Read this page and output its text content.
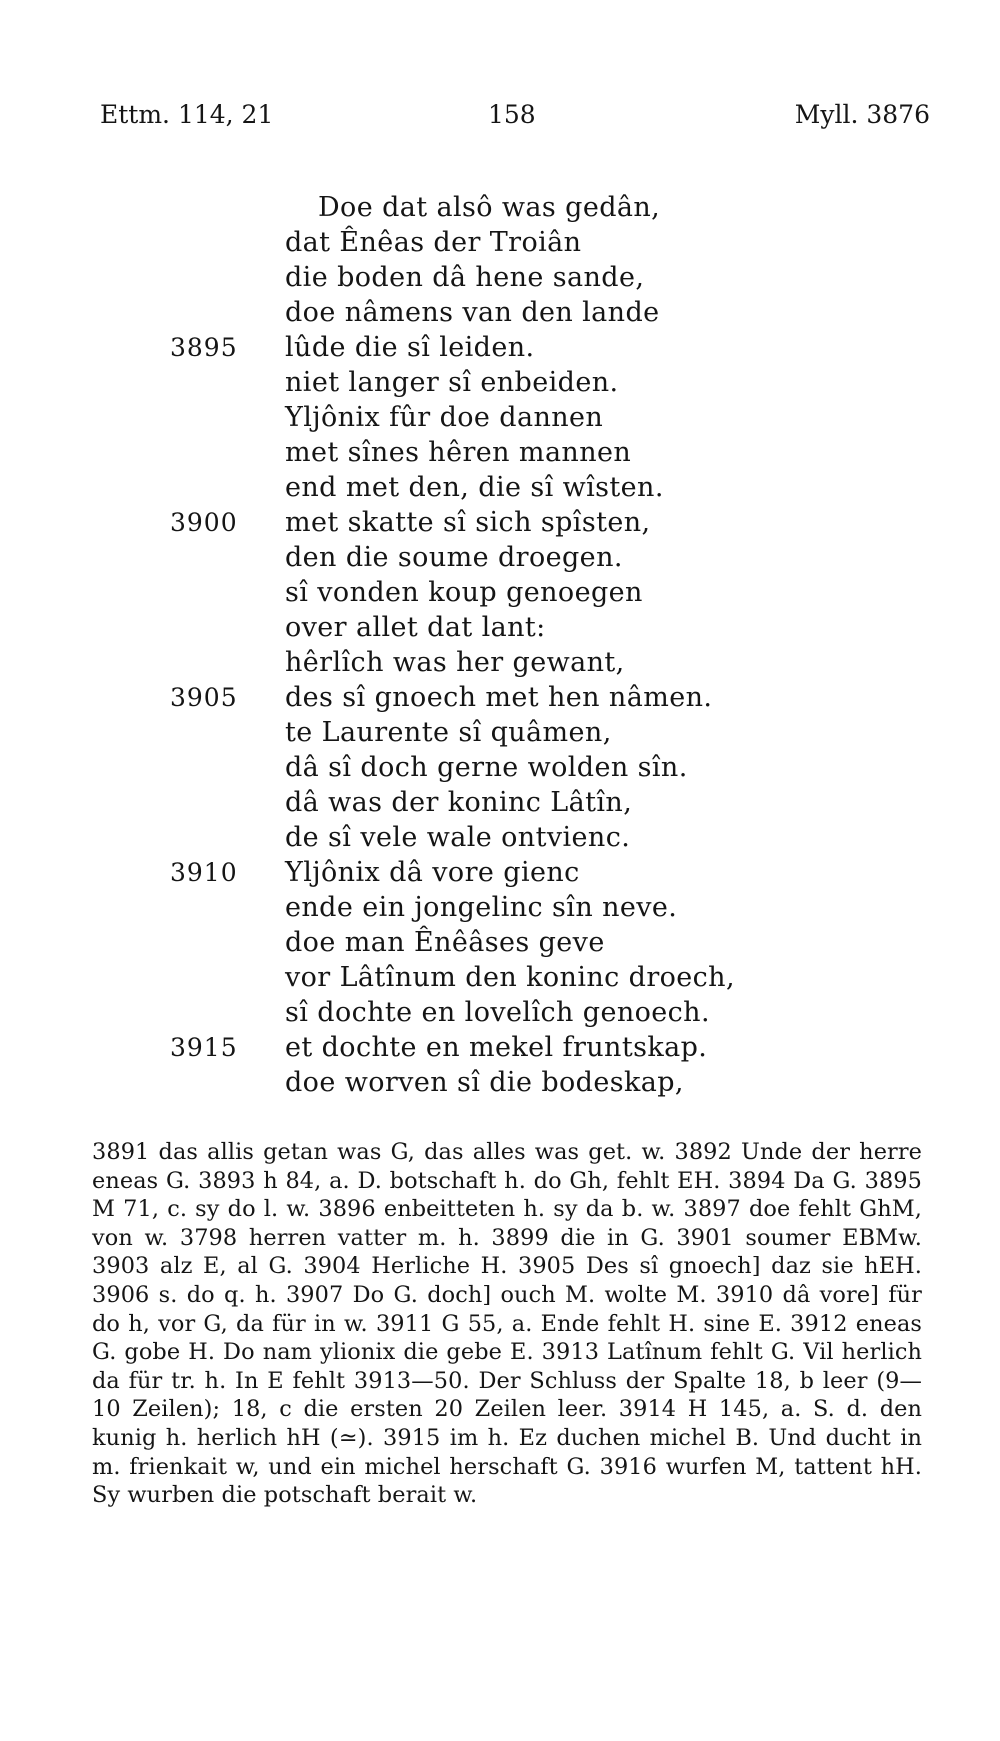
Ettm. 114, 21	158	Myll. 3876
Doe dat alsô was gedân,
dat Ênêas der Troiân
die boden dâ hene sande,
doe nâmens van den lande
3895	lûde die sî leiden.
niet langer sî enbeiden.
Yljônix fûr doe dannen
met sînes hêren mannen
end met den, die sî wîsten.
3900	met skatte sî sich spîsten,
den die soume droegen.
sî vonden koup genoegen
over allet dat lant:
hêrlîch was her gewant,
3905	des sî gnoech met hen nâmen.
te Laurente sî quâmen,
dâ sî doch gerne wolden sîn.
dâ was der koninc Lâtîn,
de sî vele wale ontvienc.
3910	Yljônix dâ vore gienc
ende ein jongelinc sîn neve.
doe man Ênêâses geve
vor Lâtînum den koninc droech,
sî dochte en lovelîch genoech.
3915	et dochte en mekel fruntskap.
doe worven sî die bodeskap,

3891 das allis getan was G, das alles was get. w. 3892 Unde der herre eneas G. 3893 h 84, a. D. botschaft h. do Gh, fehlt EH. 3894 Da G. 3895 M 71, c. sy do l. w. 3896 enbeitteten h. sy da b. w. 3897 doe fehlt GhM, von w. 3798 herren vatter m. h. 3899 die in G. 3901 soumer EBMw. 3903 alz E, al G. 3904 Herliche H. 3905 Des sî gnoech] daz sie hEH. 3906 s. do q. h. 3907 Do G. doch] ouch M. wolte M. 3910 dâ vore] für do h, vor G, da für in w. 3911 G 55, a. Ende fehlt H. sine E. 3912 eneas G. gobe H. Do nam ylionix die gebe E. 3913 Latînum fehlt G. Vil herlich da für tr. h. In E fehlt 3913—50. Der Schluss der Spalte 18, b leer (9—10 Zeilen); 18, c die ersten 20 Zeilen leer. 3914 H 145, a. S. d. den kunig h. herlich hH (≃). 3915 im h. Ez duchen michel B. Und ducht in m. frienkait w, und ein michel herschaft G. 3916 wurfen M, tattent hH. Sy wurben die potschaft berait w.
